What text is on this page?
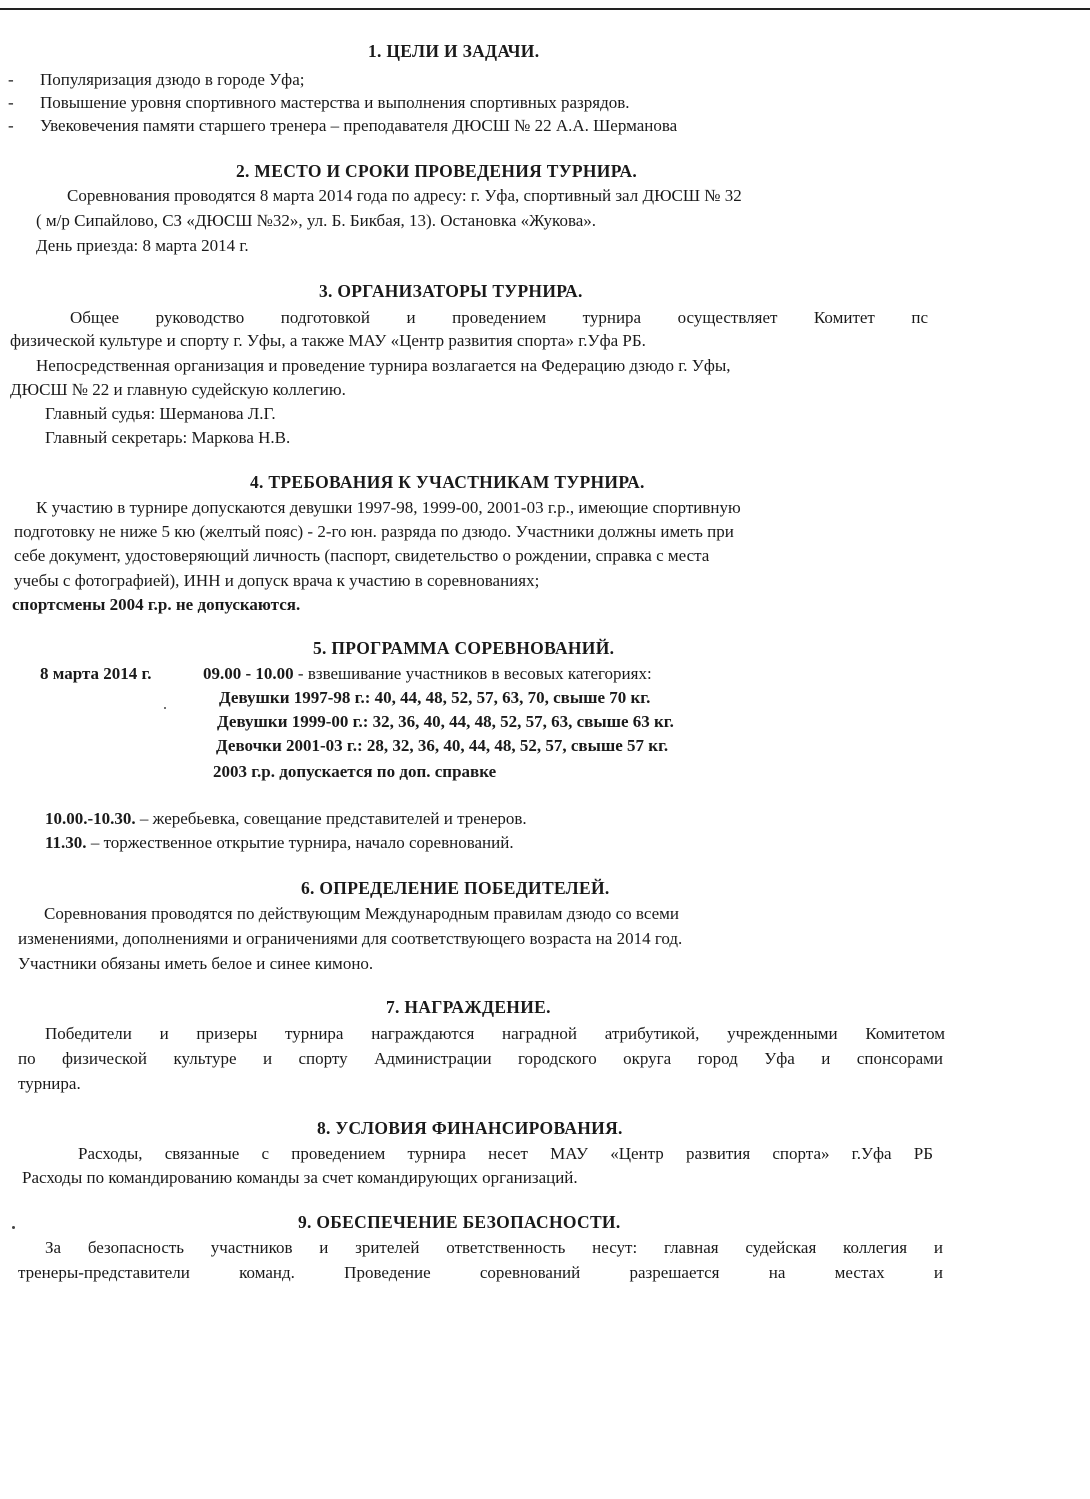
1. ЦЕЛИ И ЗАДАЧИ.
- Популяризация дзюдо в городе Уфа;
- Повышение уровня спортивного мастерства и выполнения спортивных разрядов.
- Увековечения памяти старшего тренера – преподавателя ДЮСШ № 22 А.А. Шерманова
2. МЕСТО И СРОКИ ПРОВЕДЕНИЯ ТУРНИРА.
Соревнования проводятся 8 марта 2014 года по адресу: г. Уфа, спортивный зал ДЮСШ № 32
( м/р Сипайлово, СЗ «ДЮСШ №32», ул. Б. Бикбая, 13). Остановка «Жукова».
День приезда: 8 марта 2014 г.
3. ОРГАНИЗАТОРЫ ТУРНИРА.
Общее руководство подготовкой и проведением турнира осуществляет Комитет пс
физической культуре и спорту г. Уфы, а также МАУ «Центр развития спорта» г.Уфа РБ.
Непосредственная организация и проведение турнира возлагается на Федерацию дзюдо г. Уфы,
ДЮСШ № 22 и главную судейскую коллегию.
Главный судья: Шерманова Л.Г.
Главный секретарь: Маркова Н.В.
4. ТРЕБОВАНИЯ К УЧАСТНИКАМ ТУРНИРА.
К участию в турнире допускаются девушки 1997-98, 1999-00, 2001-03 г.р., имеющие спортивную
подготовку не ниже 5 кю (желтый пояс) - 2-го юн. разряда по дзюдо. Участники должны иметь при
себе документ, удостоверяющий личность (паспорт, свидетельство о рождении, справка с места
учебы с фотографией), ИНН и допуск врача к участию в соревнованиях;
спортсмены 2004 г.р. не допускаются.
5. ПРОГРАММА СОРЕВНОВАНИЙ.
8 марта 2014 г.	09.00 - 10.00 - взвешивание участников в весовых категориях:
Девушки 1997-98 г.: 40, 44, 48, 52, 57, 63, 70, свыше 70 кг.
Девушки 1999-00 г.: 32, 36, 40, 44, 48, 52, 57, 63, свыше 63 кг.
Девочки 2001-03 г.: 28, 32, 36, 40, 44, 48, 52, 57, свыше 57 кг.
2003 г.р. допускается по доп. справке
10.00.-10.30. – жеребьевка, совещание представителей и тренеров.
11.30. – торжественное открытие турнира, начало соревнований.
6. ОПРЕДЕЛЕНИЕ ПОБЕДИТЕЛЕЙ.
Соревнования проводятся по действующим Международным правилам дзюдо со всеми
изменениями, дополнениями и ограничениями для соответствующего возраста на 2014 год.
Участники обязаны иметь белое и синее кимоно.
7. НАГРАЖДЕНИЕ.
Победители и призеры турнира награждаются наградной атрибутикой, учрежденными Комитетом
по физической культуре и спорту Администрации городского округа город Уфа и спонсорами
турнира.
8. УСЛОВИЯ ФИНАНСИРОВАНИЯ.
Расходы, связанные с проведением турнира несет МАУ «Центр развития спорта» г.Уфа РБ
Расходы по командированию команды за счет командирующих организаций.
9. ОБЕСПЕЧЕНИЕ БЕЗОПАСНОСТИ.
За безопасность участников и зрителей ответственность несут: главная судейская коллегия и
тренеры-представители команд. Проведение соревнований разрешается на местах и
